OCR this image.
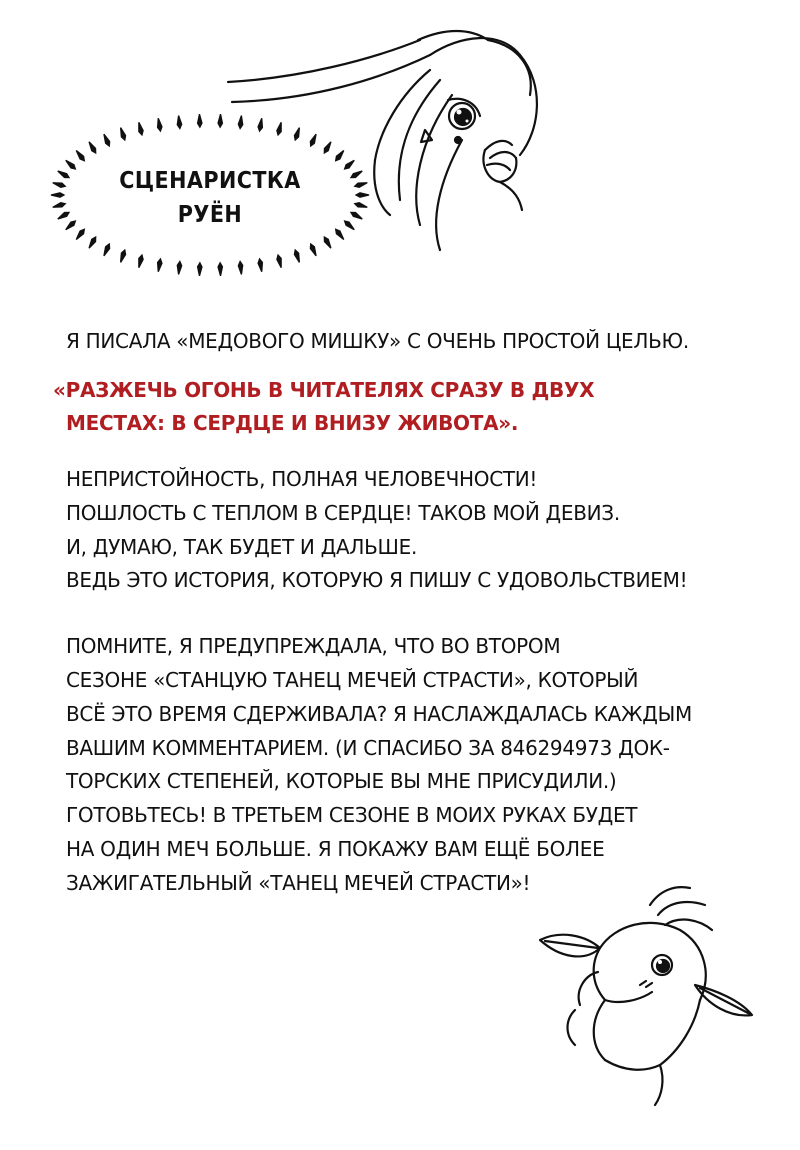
СЦЕНАРИСТКА
РУЁН
Я ПИСАЛА «МЕДОВОГО МИШКУ» С ОЧЕНЬ ПРОСТОЙ ЦЕЛЬЮ.
«РАЗЖЕЧЬ ОГОНЬ В ЧИТАТЕЛЯХ СРАЗУ В ДВУХ
МЕСТАХ: В СЕРДЦЕ И ВНИЗУ ЖИВОТА».
НЕПРИСТОЙНОСТЬ, ПОЛНАЯ ЧЕЛОВЕЧНОСТИ!
ПОШЛОСТЬ С ТЕПЛОМ В СЕРДЦЕ! ТАКОВ МОЙ ДЕВИЗ.
И, ДУМАЮ, ТАК БУДЕТ И ДАЛЬШЕ.
ВЕДЬ ЭТО ИСТОРИЯ, КОТОРУЮ Я ПИШУ С УДОВОЛЬСТВИЕМ!
ПОМНИТЕ, Я ПРЕДУПРЕЖДАЛА, ЧТО ВО ВТОРОМ
СЕЗОНЕ «СТАНЦУЮ ТАНЕЦ МЕЧЕЙ СТРАСТИ», КОТОРЫЙ
ВСЁ ЭТО ВРЕМЯ СДЕРЖИВАЛА? Я НАСЛАЖДАЛАСЬ КАЖДЫМ
ВАШИМ КОММЕНТАРИЕМ. (И СПАСИБО ЗА 846294973 ДОК-
ТОРСКИХ СТЕПЕНЕЙ, КОТОРЫЕ ВЫ МНЕ ПРИСУДИЛИ.)
ГОТОВЬТЕСЬ! В ТРЕТЬЕМ СЕЗОНЕ В МОИХ РУКАХ БУДЕТ
НА ОДИН МЕЧ БОЛЬШЕ. Я ПОКАЖУ ВАМ ЕЩЁ БОЛЕЕ
ЗАЖИГАТЕЛЬНЫЙ «ТАНЕЦ МЕЧЕЙ СТРАСТИ»!
